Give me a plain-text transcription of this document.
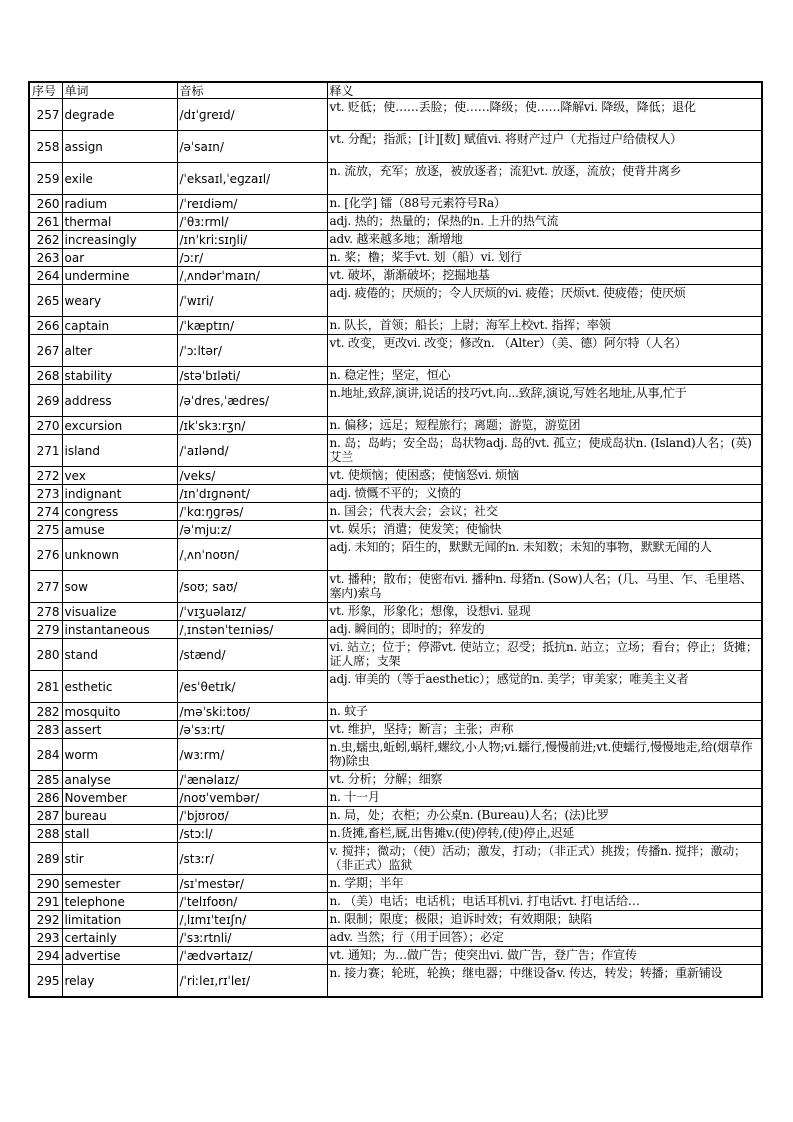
序号	单词	音标	释义
257	degrade	/dɪˈɡreɪd/	vt. 贬低；使……丢脸；使……降级；使……降解vi. 降级，降低；退化
258	assign	/əˈsaɪn/	vt. 分配；指派；[计][数] 赋值vi. 将财产过户（尤指过户给债权人）
259	exile	/ˈeksaɪl,ˈeɡzaɪl/	n. 流放，充军；放逐，被放逐者；流犯vt. 放逐，流放；使背井离乡
260	radium	/ˈreɪdiəm/	n. [化学] 镭（88号元素符号Ra）
261	thermal	/ˈθɜːrml/	adj. 热的；热量的；保热的n. 上升的热气流
262	increasingly	/ɪnˈkriːsɪŋli/	adv. 越来越多地；渐增地
263	oar	/ɔːr/	n. 桨；橹；桨手vt. 划（船）vi. 划行
264	undermine	/ˌʌndərˈmaɪn/	vt. 破坏，渐渐破坏；挖掘地基
265	weary	/ˈwɪri/	adj. 疲倦的；厌烦的；令人厌烦的vi. 疲倦；厌烦vt. 使疲倦；使厌烦
266	captain	/ˈkæptɪn/	n. 队长，首领；船长；上尉；海军上校vt. 指挥；率领
267	alter	/ˈɔːltər/	vt. 改变，更改vi. 改变；修改n. （Alter）（美、德）阿尔特（人名）
268	stability	/stəˈbɪləti/	n. 稳定性；坚定，恒心
269	address	/əˈdres,ˈædres/	n.地址,致辞,演讲,说话的技巧vt.向...致辞,演说,写姓名地址,从事,忙于
270	excursion	/ɪkˈskɜːrʒn/	n. 偏移；远足；短程旅行；离题；游览，游览团
271	island	/ˈaɪlənd/	n. 岛；岛屿；安全岛；岛状物adj. 岛的vt. 孤立；使成岛状n. (Island)人名；(英)艾兰
272	vex	/veks/	vt. 使烦恼；使困惑；使恼怒vi. 烦恼
273	indignant	/ɪnˈdɪɡnənt/	adj. 愤慨不平的；义愤的
274	congress	/ˈkɑːŋɡrəs/	n. 国会；代表大会；会议；社交
275	amuse	/əˈmjuːz/	vt. 娱乐；消遣；使发笑；使愉快
276	unknown	/ˌʌnˈnoʊn/	adj. 未知的；陌生的，默默无闻的n. 未知数；未知的事物，默默无闻的人
277	sow	/soʊ; saʊ/	vt. 播种；散布；使密布vi. 播种n. 母猪n. (Sow)人名；(几、马里、乍、毛里塔、塞内)索乌
278	visualize	/ˈvɪʒuəlaɪz/	vt. 形象，形象化；想像，设想vi. 显现
279	instantaneous	/ˌɪnstənˈteɪniəs/	adj. 瞬间的；即时的；猝发的
280	stand	/stænd/	vi. 站立；位于；停滞vt. 使站立；忍受；抵抗n. 站立；立场；看台；停止；货摊；证人席；支架
281	esthetic	/esˈθetɪk/	adj. 审美的（等于aesthetic）；感觉的n. 美学；审美家；唯美主义者
282	mosquito	/məˈskiːtoʊ/	n. 蚊子
283	assert	/əˈsɜːrt/	vt. 维护，坚持；断言；主张；声称
284	worm	/wɜːrm/	n.虫,蠕虫,蚯蚓,蜗杆,螺纹,小人物;vi.蠕行,慢慢前进;vt.使蠕行,慢慢地走,给(烟草作物)除虫
285	analyse	/ˈænəlaɪz/	vt. 分析；分解；细察
286	November	/noʊˈvembər/	n. 十一月
287	bureau	/ˈbjʊroʊ/	n. 局，处；衣柜；办公桌n. (Bureau)人名；(法)比罗
288	stall	/stɔːl/	n.货摊,畜栏,厩,出售摊v.(使)停转,(使)停止,迟延
289	stir	/stɜːr/	v. 搅拌；微动；（使）活动；激发，打动；（非正式）挑拨；传播n. 搅拌；激动；（非正式）监狱
290	semester	/sɪˈmestər/	n. 学期；半年
291	telephone	/ˈtelɪfoʊn/	n. （美）电话；电话机；电话耳机vi. 打电话vt. 打电话给…
292	limitation	/ˌlɪmɪˈteɪʃn/	n. 限制；限度；极限；追诉时效；有效期限；缺陷
293	certainly	/ˈsɜːrtnli/	adv. 当然；行（用于回答）；必定
294	advertise	/ˈædvərtaɪz/	vt. 通知；为…做广告；使突出vi. 做广告，登广告；作宣传
295	relay	/ˈriːleɪ,rɪˈleɪ/	n. 接力赛；轮班，轮换；继电器；中继设备v. 传达，转发；转播；重新铺设
